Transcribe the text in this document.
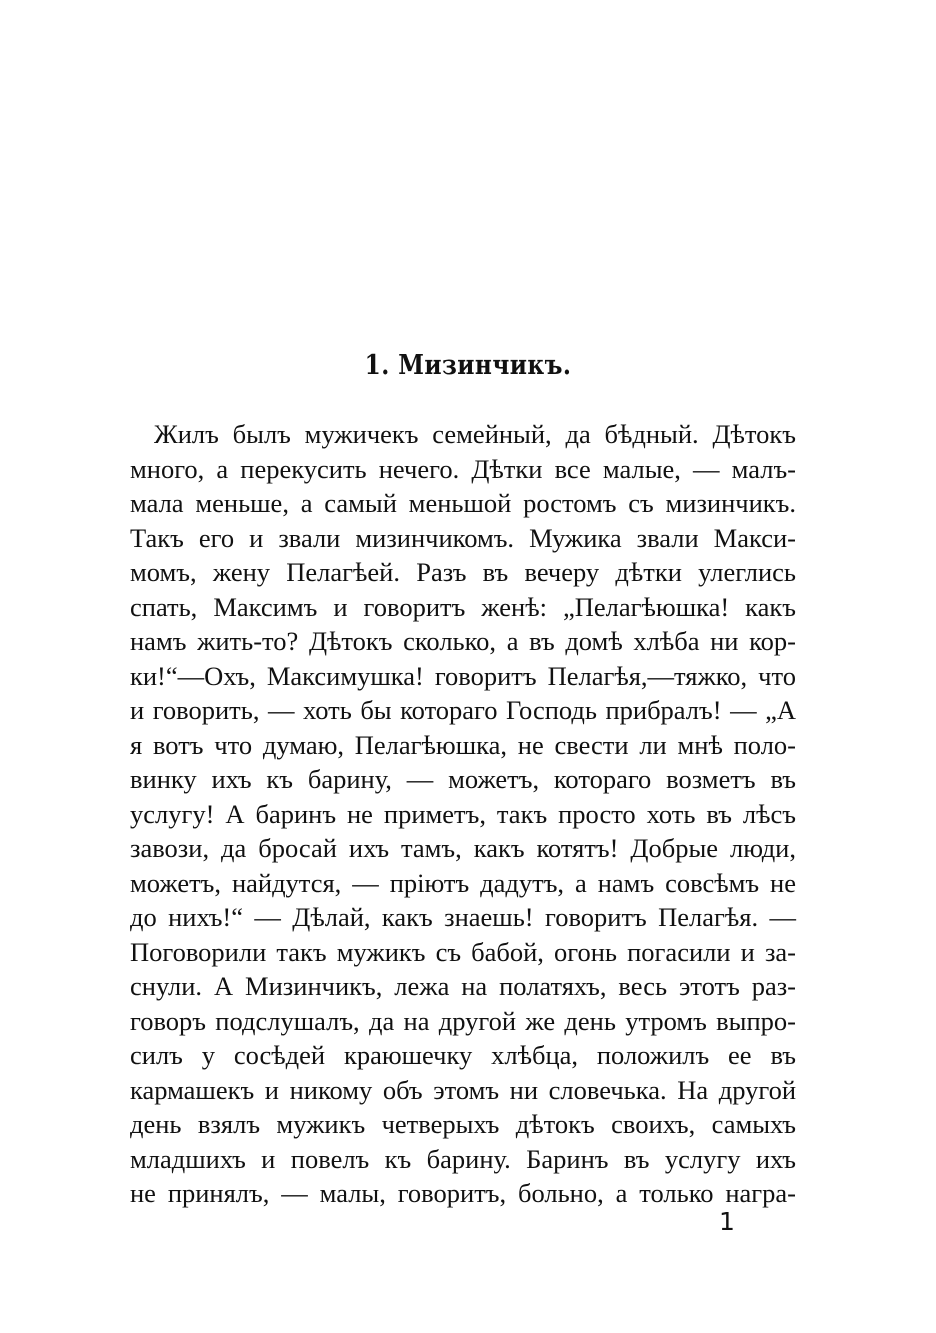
1. Мизинчикъ.
Жилъ былъ мужичекъ семейный, да бѣдный. Дѣтокъ
много, а перекусить нечего. Дѣтки все малые, — малъ-
мала меньше, а самый меньшой ростомъ съ мизинчикъ.
Такъ его и звали мизинчикомъ. Мужика звали Макси-
момъ, жену Пелагѣей. Разъ въ вечеру дѣтки улеглись
спать, Максимъ и говоритъ женѣ: „Пелагѣюшка! какъ
намъ жить-то? Дѣтокъ сколько, а въ домѣ хлѣба ни кор-
ки!“—Охъ, Максимушка! говоритъ Пелагѣя,—тяжко, что
и говорить, — хоть бы котораго Господь прибралъ! — „А
я вотъ что думаю, Пелагѣюшка, не свести ли мнѣ поло-
винку ихъ къ барину, — можетъ, котораго возметъ въ
услугу! А баринъ не приметъ, такъ просто хоть въ лѣсъ
завози, да бросай ихъ тамъ, какъ котятъ! Добрые люди,
можетъ, найдутся, — пріютъ дадутъ, а намъ совсѣмъ не
до нихъ!“ — Дѣлай, какъ знаешь! говоритъ Пелагѣя. —
Поговорили такъ мужикъ съ бабой, огонь погасили и за-
снули. А Мизинчикъ, лежа на полатяхъ, весь этотъ раз-
говоръ подслушалъ, да на другой же день утромъ выпро-
силъ у сосѣдей краюшечку хлѣбца, положилъ ее въ
кармашекъ и никому объ этомъ ни словечька. На другой
день взялъ мужикъ четверыхъ дѣтокъ своихъ, самыхъ
младшихъ и повелъ къ барину. Баринъ въ услугу ихъ
не принялъ, — малы, говоритъ, больно, а только награ-
1
